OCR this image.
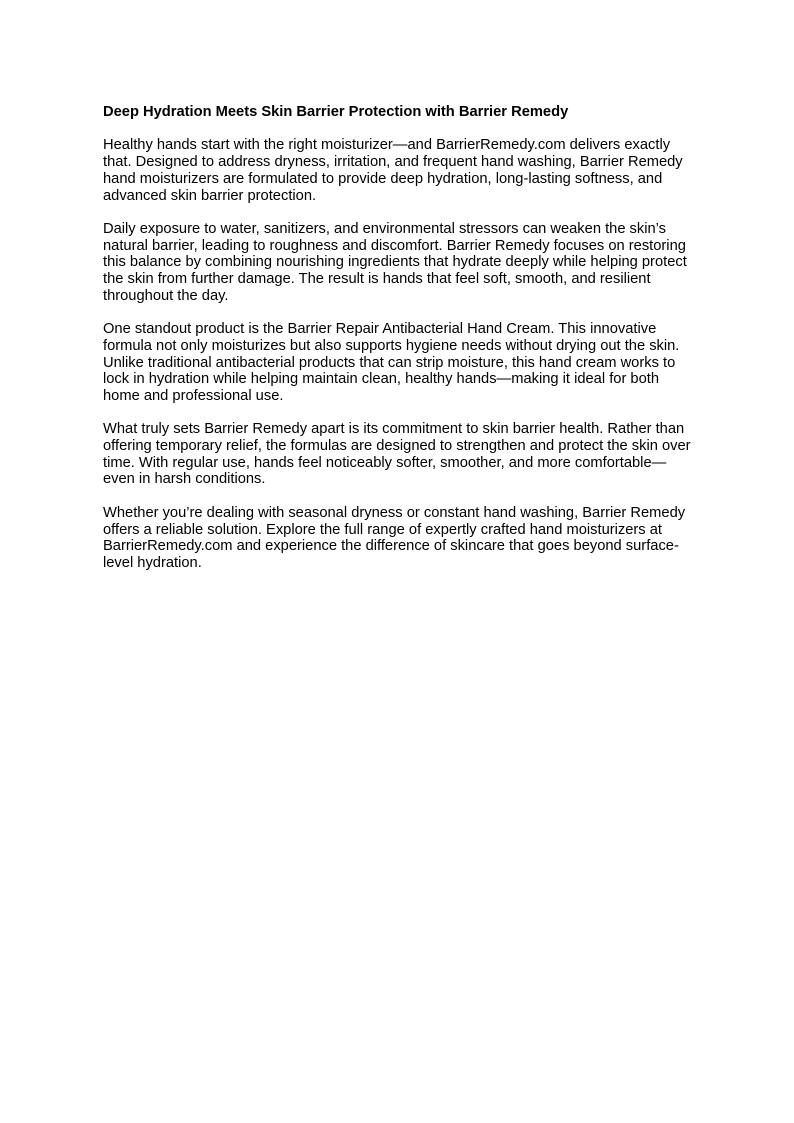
Deep Hydration Meets Skin Barrier Protection with Barrier Remedy

Healthy hands start with the right moisturizer—and BarrierRemedy.com delivers exactly that. Designed to address dryness, irritation, and frequent hand washing, Barrier Remedy hand moisturizers are formulated to provide deep hydration, long-lasting softness, and advanced skin barrier protection.

Daily exposure to water, sanitizers, and environmental stressors can weaken the skin’s natural barrier, leading to roughness and discomfort. Barrier Remedy focuses on restoring this balance by combining nourishing ingredients that hydrate deeply while helping protect the skin from further damage. The result is hands that feel soft, smooth, and resilient throughout the day.

One standout product is the Barrier Repair Antibacterial Hand Cream. This innovative formula not only moisturizes but also supports hygiene needs without drying out the skin. Unlike traditional antibacterial products that can strip moisture, this hand cream works to lock in hydration while helping maintain clean, healthy hands—making it ideal for both home and professional use.

What truly sets Barrier Remedy apart is its commitment to skin barrier health. Rather than offering temporary relief, the formulas are designed to strengthen and protect the skin over time. With regular use, hands feel noticeably softer, smoother, and more comfortable—even in harsh conditions.

Whether you’re dealing with seasonal dryness or constant hand washing, Barrier Remedy offers a reliable solution. Explore the full range of expertly crafted hand moisturizers at BarrierRemedy.com and experience the difference of skincare that goes beyond surface-level hydration.
